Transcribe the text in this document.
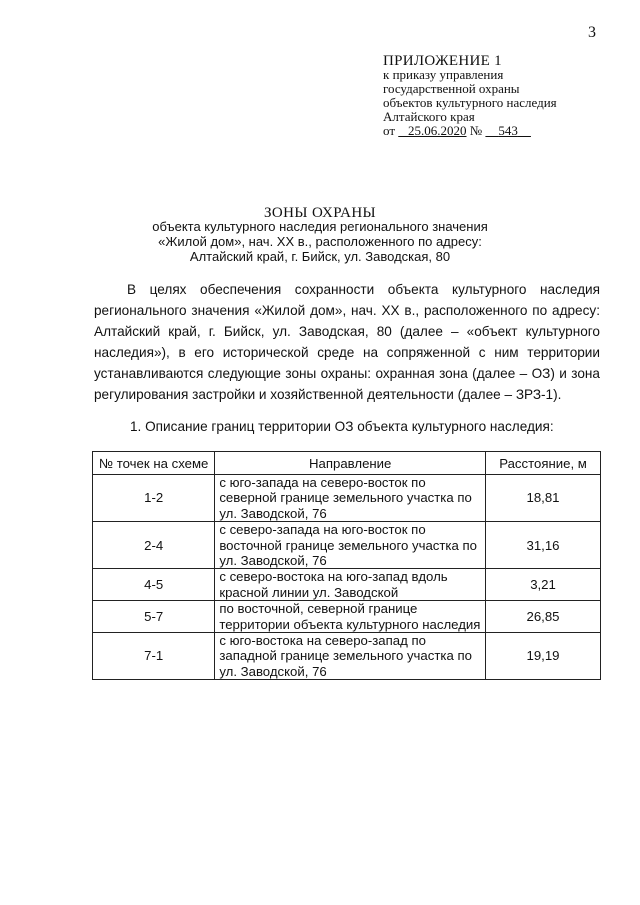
3
ПРИЛОЖЕНИЕ 1
к приказу управления
государственной охраны
объектов культурного наследия
Алтайского края
от 25.06.2020 № 543
ЗОНЫ ОХРАНЫ
объекта культурного наследия регионального значения
«Жилой дом», нач. XX в., расположенного по адресу:
Алтайский край, г. Бийск, ул. Заводская, 80
В целях обеспечения сохранности объекта культурного наследия регионального значения «Жилой дом», нач. XX в., расположенного по адресу: Алтайский край, г. Бийск, ул. Заводская, 80 (далее – «объект культурного наследия»), в его исторической среде на сопряженной с ним территории устанавливаются следующие зоны охраны: охранная зона (далее – ОЗ) и зона регулирования застройки и хозяйственной деятельности (далее – ЗРЗ-1).
1. Описание границ территории ОЗ объекта культурного наследия:
№ точек на схеме	Направление	Расстояние, м
1-2	с юго-запада на северо-восток по северной границе земельного участка по ул. Заводской, 76	18,81
2-4	с северо-запада на юго-восток по восточной границе земельного участка по ул. Заводской, 76	31,16
4-5	с северо-востока на юго-запад вдоль красной линии ул. Заводской	3,21
5-7	по восточной, северной границе территории объекта культурного наследия	26,85
7-1	с юго-востока на северо-запад по западной границе земельного участка по ул. Заводской, 76	19,19
